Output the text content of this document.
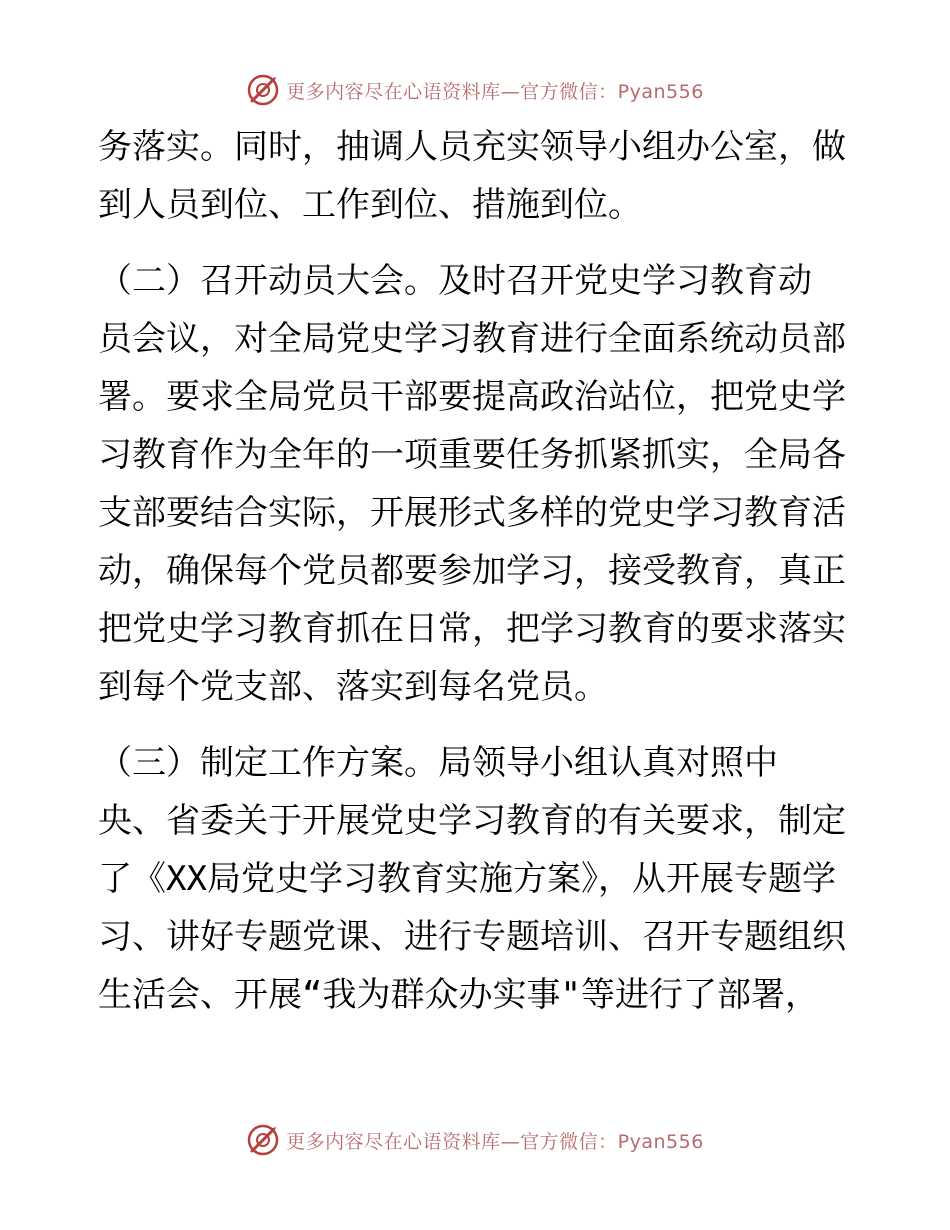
更多内容尽在心语资料库—官方微信：Pyan556
务落实。同时，抽调人员充实领导小组办公室，做
到人员到位、工作到位、措施到位。
（二）召开动员大会。及时召开党史学习教育动
员会议，对全局党史学习教育进行全面系统动员部
署。要求全局党员干部要提高政治站位，把党史学
习教育作为全年的一项重要任务抓紧抓实，全局各
支部要结合实际，开展形式多样的党史学习教育活
动，确保每个党员都要参加学习，接受教育，真正
把党史学习教育抓在日常，把学习教育的要求落实
到每个党支部、落实到每名党员。
（三）制定工作方案。局领导小组认真对照中
央、省委关于开展党史学习教育的有关要求，制定
了《XX局党史学习教育实施方案》，从开展专题学
习、讲好专题党课、进行专题培训、召开专题组织
生活会、开展“我为群众办实事"等进行了部署，
更多内容尽在心语资料库—官方微信：Pyan556
